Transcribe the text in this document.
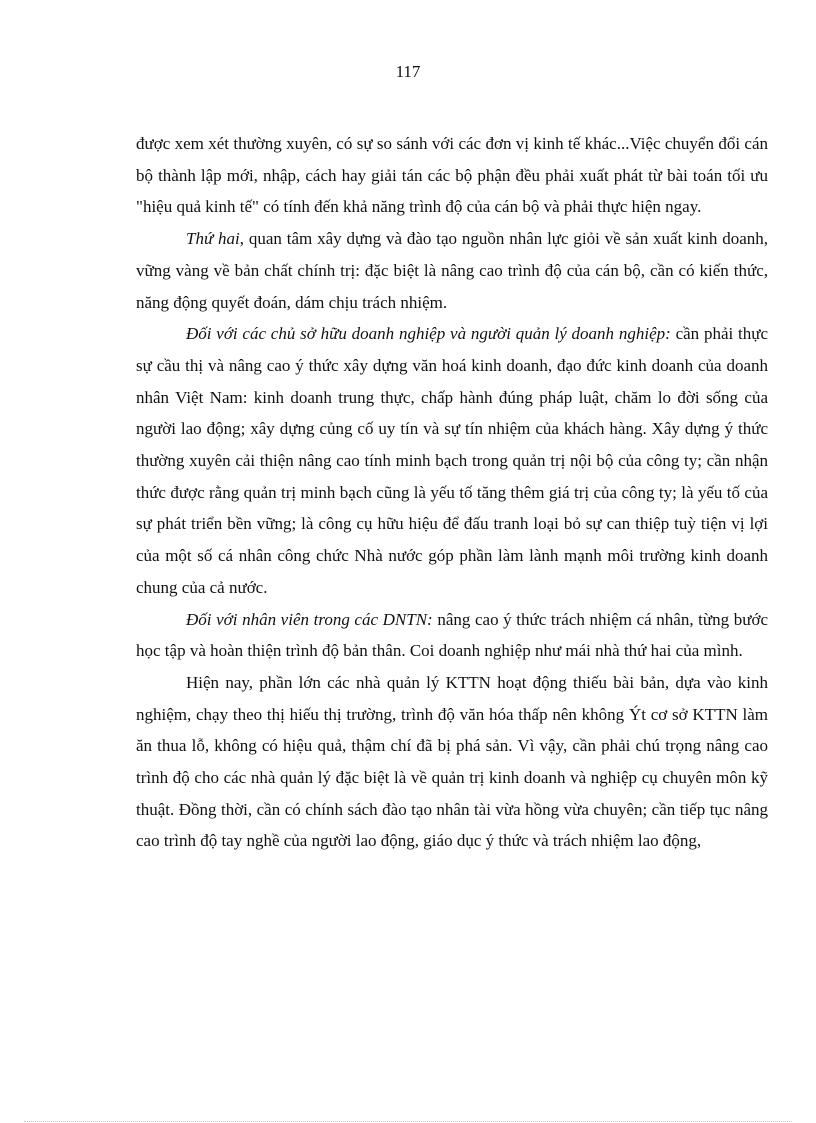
117

được xem xét thường xuyên, có sự so sánh với các đơn vị kinh tế khác...Việc chuyển đổi cán bộ thành lập mới, nhập, cách hay giải tán các bộ phận đều phải xuất phát từ bài toán tối ưu "hiệu quả kinh tế" có tính đến khả năng trình độ của cán bộ và phải thực hiện ngay.

Thứ hai, quan tâm xây dựng và đào tạo nguồn nhân lực giỏi về sản xuất kinh doanh, vững vàng về bản chất chính trị: đặc biệt là nâng cao trình độ của cán bộ, cần có kiến thức, năng động quyết đoán, dám chịu trách nhiệm.

Đối với các chủ sở hữu doanh nghiệp và người quản lý doanh nghiệp: cần phải thực sự cầu thị và nâng cao ý thức xây dựng văn hoá kinh doanh, đạo đức kinh doanh của doanh nhân Việt Nam: kinh doanh trung thực, chấp hành đúng pháp luật, chăm lo đời sống của người lao động; xây dựng củng cố uy tín và sự tín nhiệm của khách hàng. Xây dựng ý thức thường xuyên cải thiện nâng cao tính minh bạch trong quản trị nội bộ của công ty; cần nhận thức được rằng quản trị minh bạch cũng là yếu tố tăng thêm giá trị của công ty; là yếu tố của sự phát triển bền vững; là công cụ hữu hiệu để đấu tranh loại bỏ sự can thiệp tuỳ tiện vị lợi của một số cá nhân công chức Nhà nước góp phần làm lành mạnh môi trường kinh doanh chung của cả nước.

Đối với nhân viên trong các DNTN: nâng cao ý thức trách nhiệm cá nhân, từng bước học tập và hoàn thiện trình độ bản thân. Coi doanh nghiệp như mái nhà thứ hai của mình.

Hiện nay, phần lớn các nhà quản lý KTTN hoạt động thiếu bài bản, dựa vào kinh nghiệm, chạy theo thị hiếu thị trường, trình độ văn hóa thấp nên không Ýt cơ sở KTTN làm ăn thua lỗ, không có hiệu quả, thậm chí đã bị phá sản. Vì vậy, cần phải chú trọng nâng cao trình độ cho các nhà quản lý đặc biệt là về quản trị kinh doanh và nghiệp cụ chuyên môn kỹ thuật. Đồng thời, cần có chính sách đào tạo nhân tài vừa hồng vừa chuyên; cần tiếp tục nâng cao trình độ tay nghề của người lao động, giáo dục ý thức và trách nhiệm lao động,
